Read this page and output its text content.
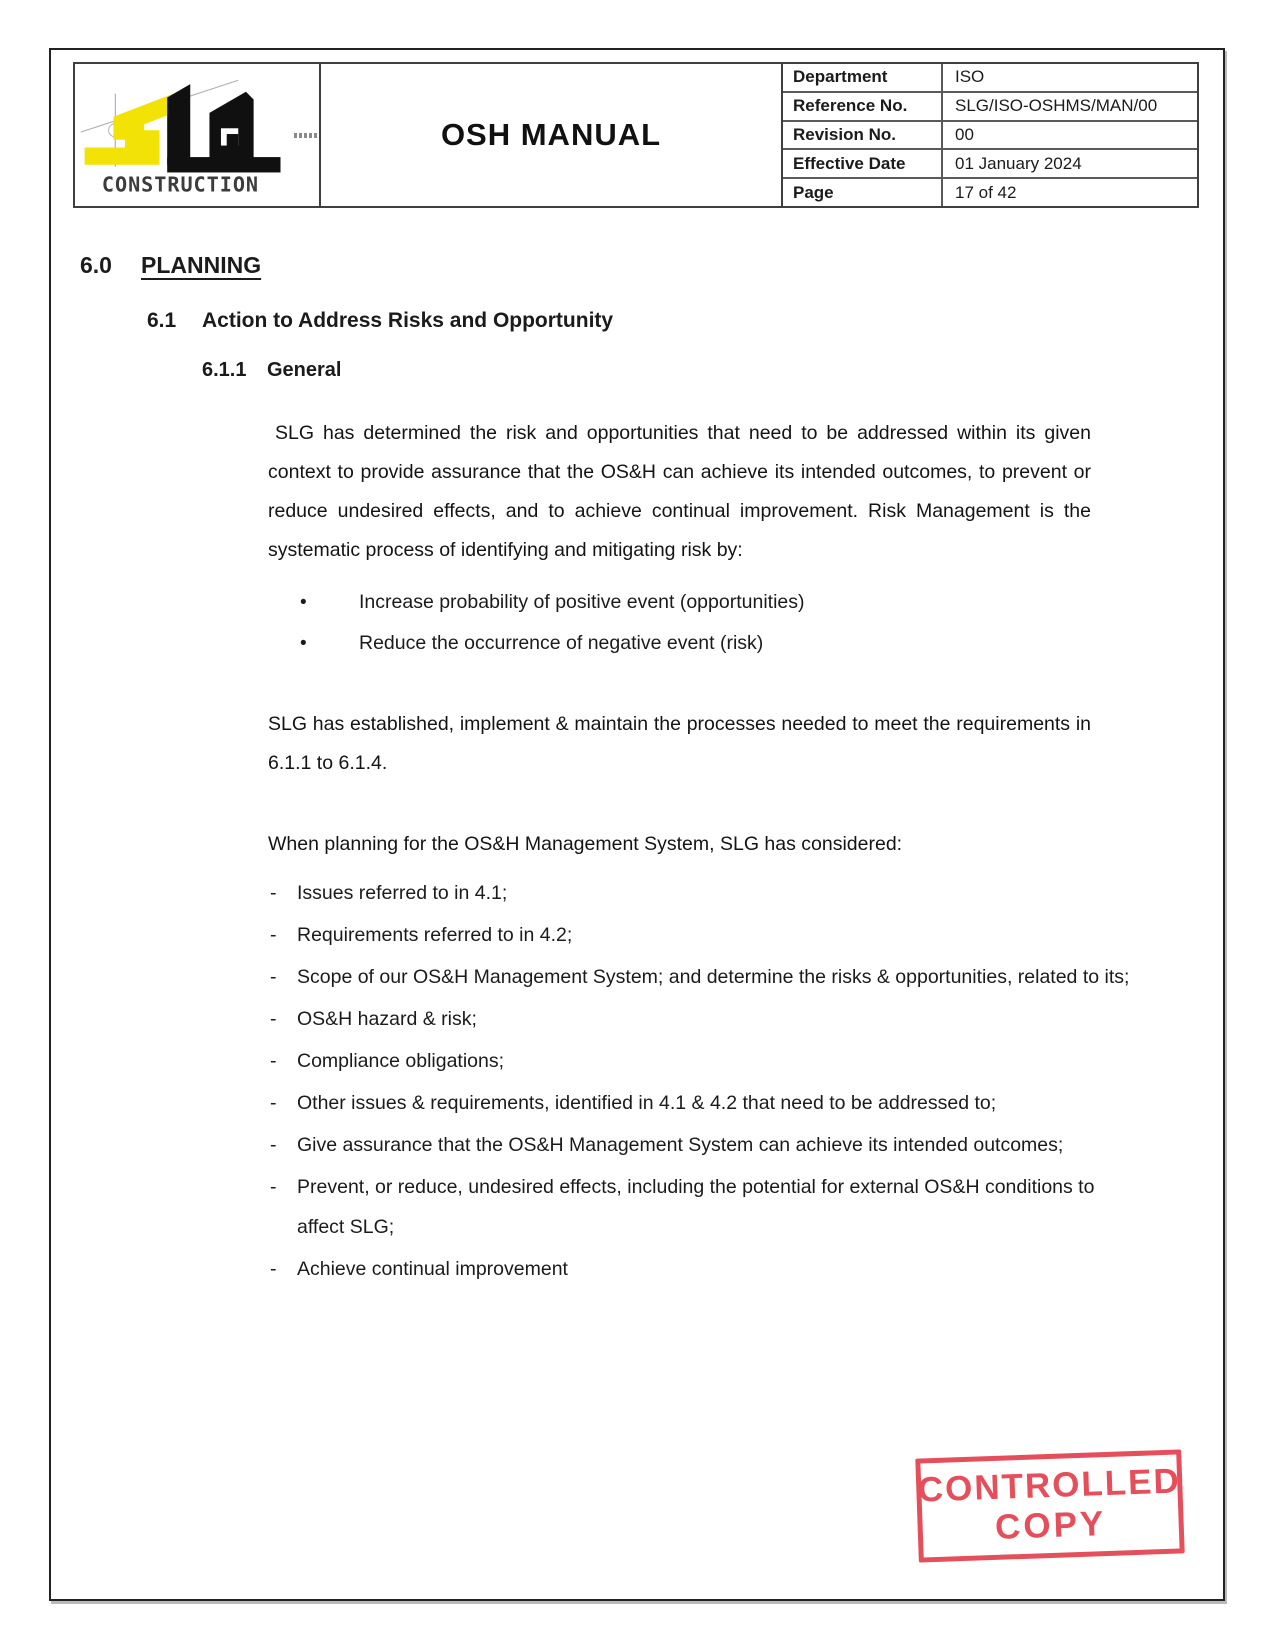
CONSTRUCTION
OSH MANUAL
Department	ISO
Reference No.	SLG/ISO-OSHMS/MAN/00
Revision No.	00
Effective Date	01 January 2024
Page	17 of 42
6.0 PLANNING
6.1 Action to Address Risks and Opportunity
6.1.1 General

SLG has determined the risk and opportunities that need to be addressed within its given context to provide assurance that the OS&H can achieve its intended outcomes, to prevent or reduce undesired effects, and to achieve continual improvement. Risk Management is the systematic process of identifying and mitigating risk by:

•	Increase probability of positive event (opportunities)
•	Reduce the occurrence of negative event (risk)

SLG has established, implement & maintain the processes needed to meet the requirements in 6.1.1 to 6.1.4.

When planning for the OS&H Management System, SLG has considered:

-	Issues referred to in 4.1;
-	Requirements referred to in 4.2;
-	Scope of our OS&H Management System; and determine the risks & opportunities, related to its;
-	OS&H hazard & risk;
-	Compliance obligations;
-	Other issues & requirements, identified in 4.1 & 4.2 that need to be addressed to;
-	Give assurance that the OS&H Management System can achieve its intended outcomes;
-	Prevent, or reduce, undesired effects, including the potential for external OS&H conditions to affect SLG;
-	Achieve continual improvement
CONTROLLED
COPY
